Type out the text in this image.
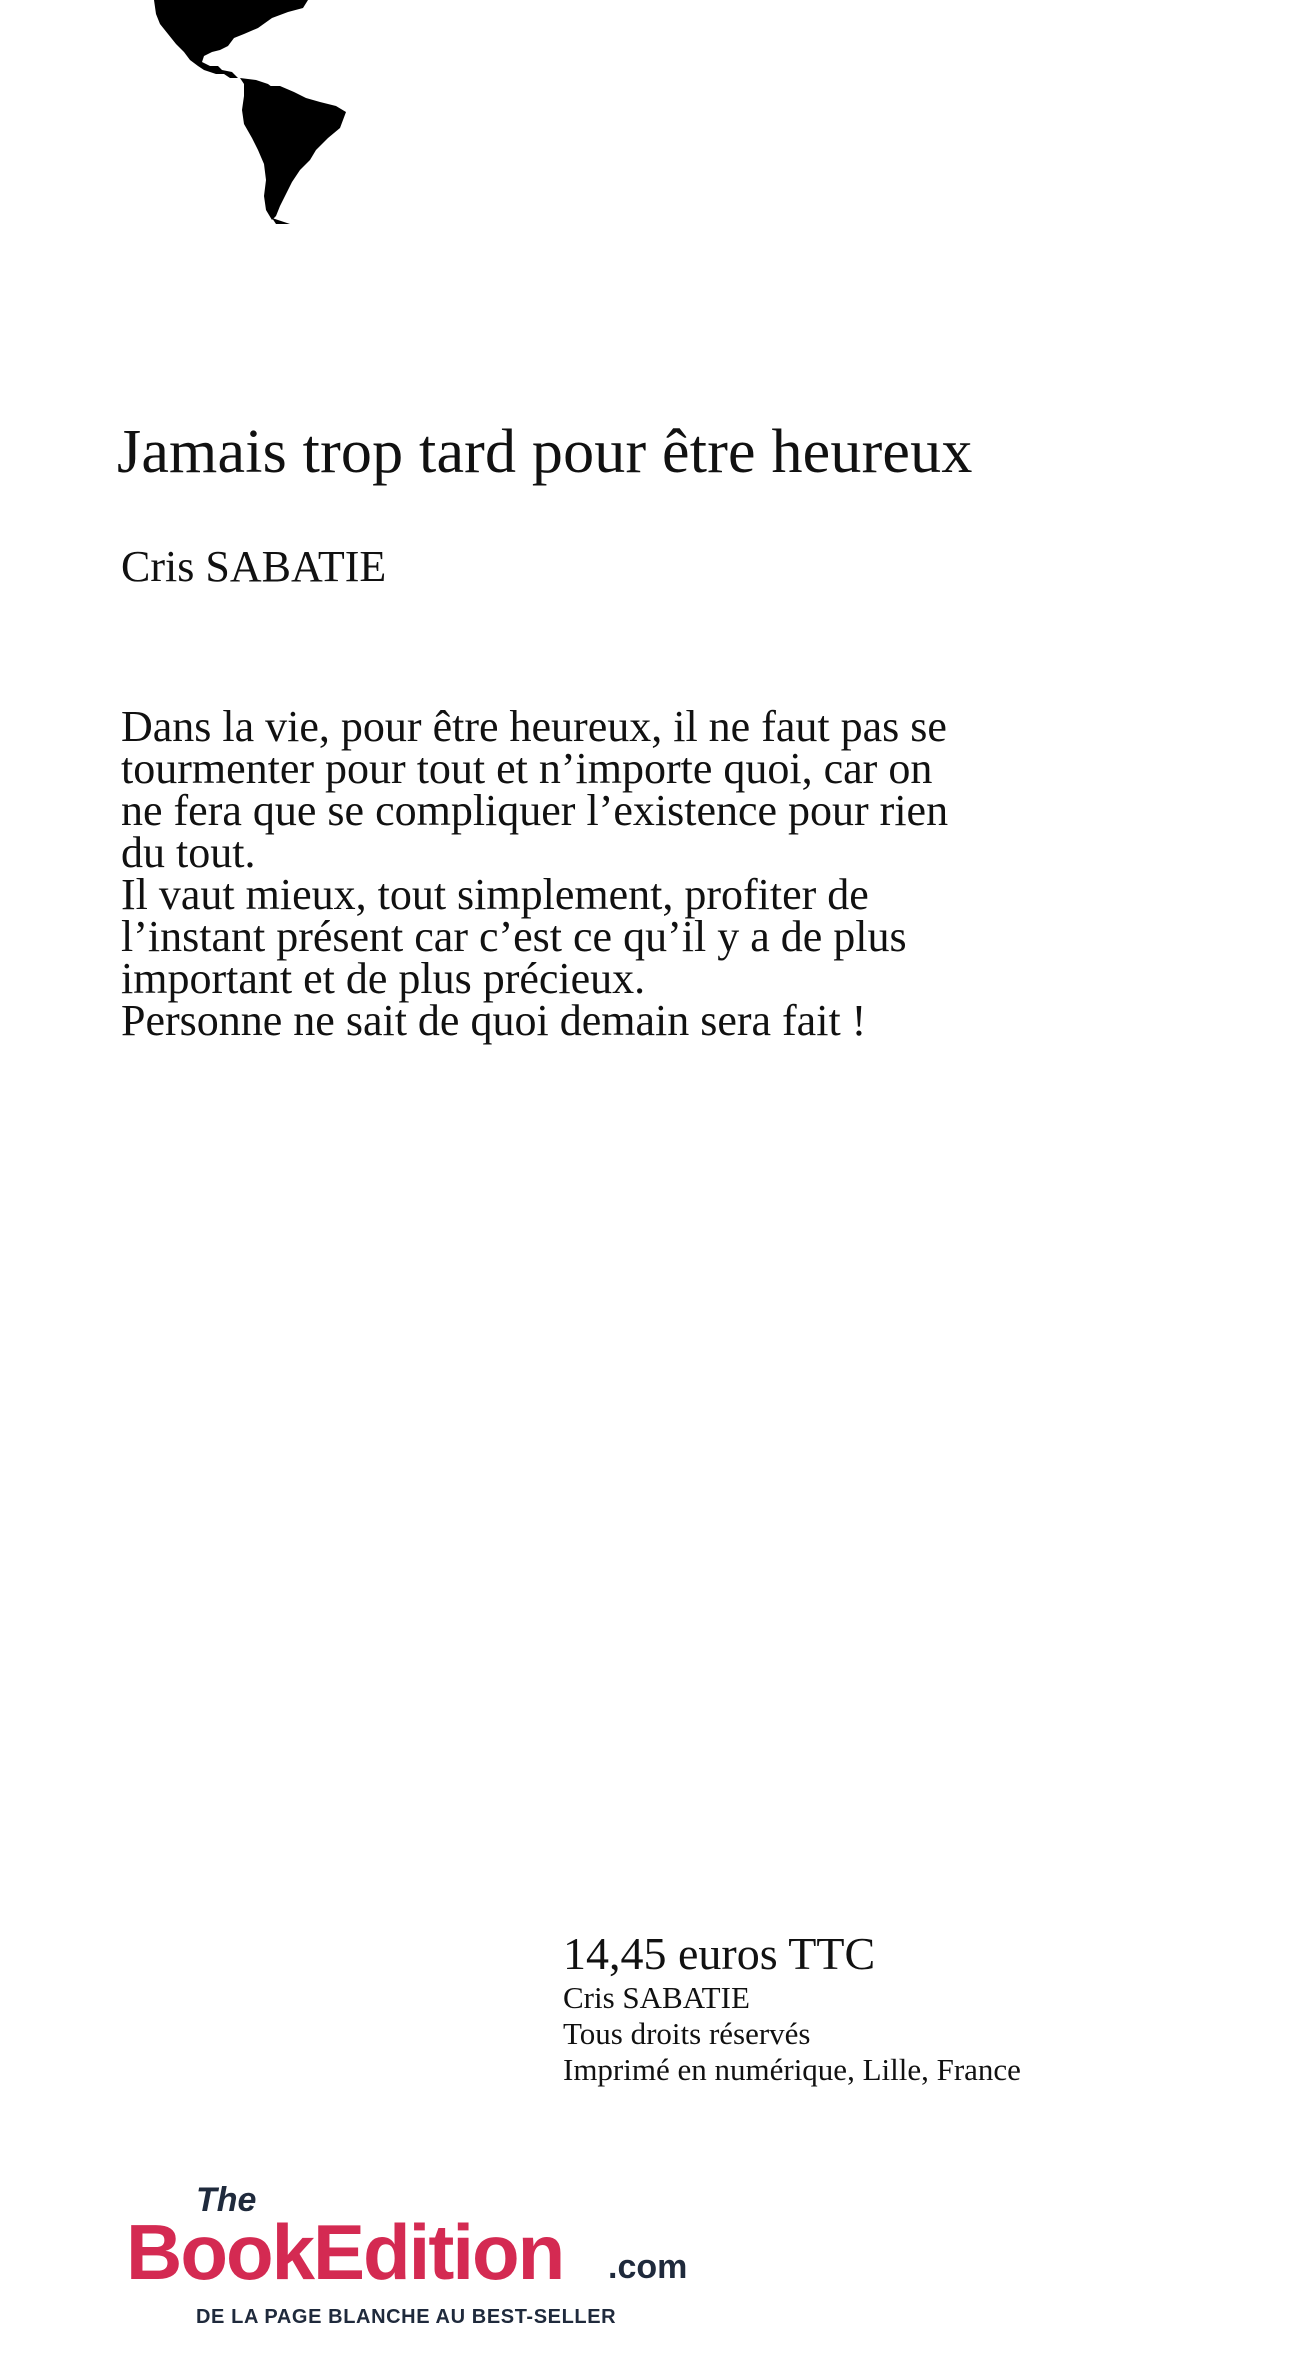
Jamais trop tard pour être heureux

Cris SABATIE

Dans la vie, pour être heureux, il ne faut pas se tourmenter pour tout et n’importe quoi, car on ne fera que se compliquer l’existence pour rien du tout.

Il vaut mieux, tout simplement, profiter de l’instant présent car c’est ce qu’il y a de plus important et de plus précieux.

Personne ne sait de quoi demain sera fait !

14,45 euros TTC

Cris SABATIE

Tous droits réservés

Imprimé en numérique, Lille, France

The
BookEdition .com
DE LA PAGE BLANCHE AU BEST-SELLER
